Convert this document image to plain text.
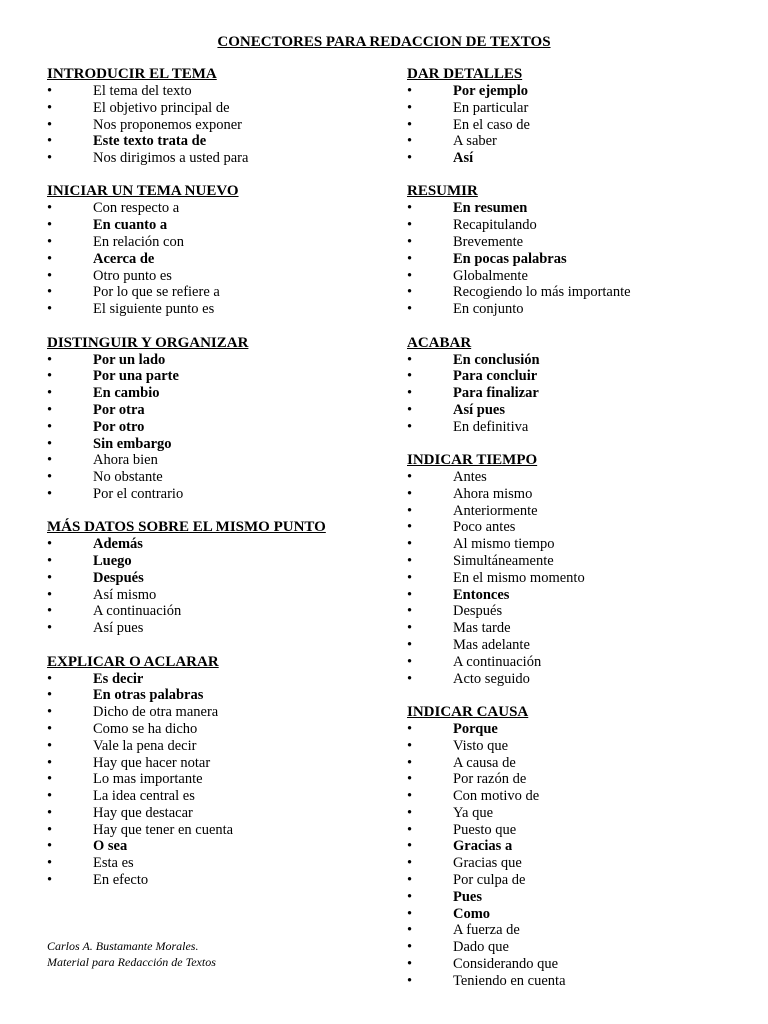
CONECTORES PARA REDACCION DE TEXTOS
INTRODUCIR EL TEMA
•	El tema del texto
•	El objetivo principal de
•	Nos proponemos exponer
•	Este texto trata de
•	Nos dirigimos a usted para
INICIAR UN TEMA NUEVO
•	Con respecto a
•	En cuanto a
•	En relación con
•	Acerca de
•	Otro punto es
•	Por lo que se refiere a
•	El siguiente punto es
DISTINGUIR Y ORGANIZAR
•	Por un lado
•	Por una parte
•	En cambio
•	Por otra
•	Por otro
•	Sin embargo
•	Ahora bien
•	No obstante
•	Por el contrario
MÁS DATOS SOBRE EL MISMO PUNTO
•	Además
•	Luego
•	Después
•	Así mismo
•	A continuación
•	Así pues
EXPLICAR O ACLARAR
•	Es decir
•	En otras palabras
•	Dicho de otra manera
•	Como se ha dicho
•	Vale la pena decir
•	Hay que hacer notar
•	Lo mas importante
•	La idea central es
•	Hay que destacar
•	Hay que tener en cuenta
•	O sea
•	Esta es
•	En efecto
DAR DETALLES
•	Por ejemplo
•	En particular
•	En el caso de
•	A saber
•	Así
RESUMIR
•	En resumen
•	Recapitulando
•	Brevemente
•	En pocas palabras
•	Globalmente
•	Recogiendo lo más importante
•	En conjunto
ACABAR
•	En conclusión
•	Para concluir
•	Para finalizar
•	Así pues
•	En definitiva
INDICAR TIEMPO
•	Antes
•	Ahora mismo
•	Anteriormente
•	Poco antes
•	Al mismo tiempo
•	Simultáneamente
•	En el mismo momento
•	Entonces
•	Después
•	Mas tarde
•	Mas adelante
•	A continuación
•	Acto seguido
INDICAR CAUSA
•	Porque
•	Visto que
•	A causa de
•	Por razón de
•	Con motivo de
•	Ya que
•	Puesto que
•	Gracias a
•	Gracias que
•	Por culpa de
•	Pues
•	Como
•	A fuerza de
•	Dado que
•	Considerando que
•	Teniendo en cuenta
Carlos A. Bustamante Morales.
Material para Redacción de Textos
